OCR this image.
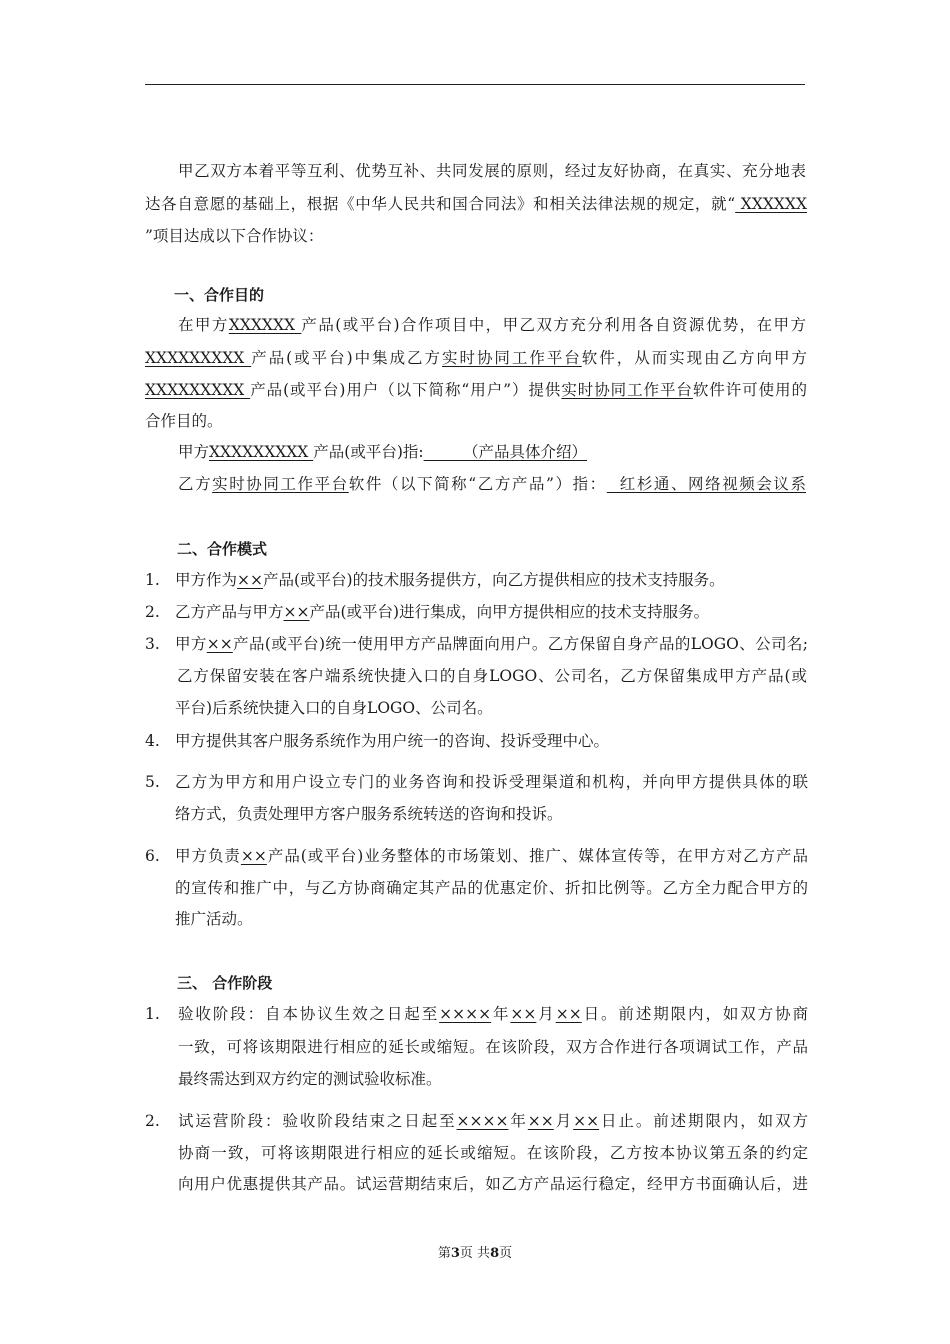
甲乙双方本着平等互利、优势互补、共同发展的原则，经过友好协商，在真实、充分地表
达各自意愿的基础上，根据《中华人民共和国合同法》和相关法律法规的规定，就“ XXXXXX
”项目达成以下合作协议：
一、合作目的
在甲方XXXXXX 产品(或平台)合作项目中，甲乙双方充分利用各自资源优势，在甲方
XXXXXXXXX 产品(或平台)中集成乙方实时协同工作平台软件，从而实现由乙方向甲方
XXXXXXXXX 产品(或平台)用户（以下简称“用户”）提供实时协同工作平台软件许可使用的
合作目的。
甲方XXXXXXXXX 产品(或平台)指:        （产品具体介绍）
乙方实时协同工作平台软件（以下简称“乙方产品”）指：  红杉通、网络视频会议系
二、合作模式
1. 甲方作为××产品(或平台)的技术服务提供方，向乙方提供相应的技术支持服务。
2. 乙方产品与甲方××产品(或平台)进行集成，向甲方提供相应的技术支持服务。
3. 甲方××产品(或平台)统一使用甲方产品牌面向用户。乙方保留自身产品的LOGO、公司名;
乙方保留安装在客户端系统快捷入口的自身LOGO、公司名，乙方保留集成甲方产品(或
平台)后系统快捷入口的自身LOGO、公司名。
4. 甲方提供其客户服务系统作为用户统一的咨询、投诉受理中心。
5. 乙方为甲方和用户设立专门的业务咨询和投诉受理渠道和机构，并向甲方提供具体的联
络方式，负责处理甲方客户服务系统转送的咨询和投诉。
6. 甲方负责××产品(或平台)业务整体的市场策划、推广、媒体宣传等，在甲方对乙方产品
的宣传和推广中，与乙方协商确定其产品的优惠定价、折扣比例等。乙方全力配合甲方的
推广活动。
三、 合作阶段
1. 验收阶段：自本协议生效之日起至××××年××月××日。前述期限内，如双方协商
一致，可将该期限进行相应的延长或缩短。在该阶段，双方合作进行各项调试工作，产品
最终需达到双方约定的测试验收标准。
2. 试运营阶段：验收阶段结束之日起至××××年××月××日止。前述期限内，如双方
协商一致，可将该期限进行相应的延长或缩短。在该阶段，乙方按本协议第五条的约定
向用户优惠提供其产品。试运营期结束后，如乙方产品运行稳定，经甲方书面确认后，进
第3页 共8页
